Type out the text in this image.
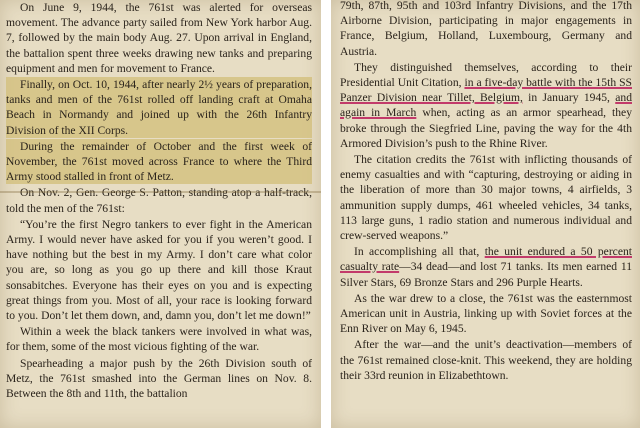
On June 9, 1944, the 761st was alerted for overseas movement. The advance party sailed from New York harbor Aug. 7, followed by the main body Aug. 27. Upon arrival in England, the battalion spent three weeks drawing new tanks and preparing equipment and men for movement to France.

Finally, on Oct. 10, 1944, after nearly 2½ years of preparation, tanks and men of the 761st rolled off landing craft at Omaha Beach in Normandy and joined up with the 26th Infantry Division of the XII Corps.

During the remainder of October and the first week of November, the 761st moved across France to where the Third Army stood stalled in front of Metz.

On Nov. 2, Gen. George S. Patton, standing atop a half-track, told the men of the 761st:

“You’re the first Negro tankers to ever fight in the American Army. I would never have asked for you if you weren’t good. I have nothing but the best in my Army. I don’t care what color you are, so long as you go up there and kill those Kraut sonsabitches. Everyone has their eyes on you and is expecting great things from you. Most of all, your race is looking forward to you. Don’t let them down, and, damn you, don’t let me down!”

Within a week the black tankers were involved in what was, for them, some of the most vicious fighting of the war.

Spearheading a major push by the 26th Division south of Metz, the 761st smashed into the German lines on Nov. 8. Between the 8th and 11th, the battalion

79th, 87th, 95th and 103rd Infantry Divisions, and the 17th Airborne Division, participating in major engagements in France, Belgium, Holland, Luxembourg, Germany and Austria.

They distinguished themselves, according to their Presidential Unit Citation, in a five-day battle with the 15th SS Panzer Division near Tillet, Belgium, in January 1945, and again in March when, acting as an armor spearhead, they broke through the Siegfried Line, paving the way for the 4th Armored Division’s push to the Rhine River.

The citation credits the 761st with inflicting thousands of enemy casualties and with “capturing, destroying or aiding in the liberation of more than 30 major towns, 4 airfields, 3 ammunition supply dumps, 461 wheeled vehicles, 34 tanks, 113 large guns, 1 radio station and numerous individual and crew-served weapons.”

In accomplishing all that, the unit endured a 50 percent casualty rate—34 dead—and lost 71 tanks. Its men earned 11 Silver Stars, 69 Bronze Stars and 296 Purple Hearts.

As the war drew to a close, the 761st was the easternmost American unit in Austria, linking up with Soviet forces at the Enn River on May 6, 1945.

After the war—and the unit’s deactivation—members of the 761st remained close-knit. This weekend, they are holding their 33rd reunion in Elizabethtown.
